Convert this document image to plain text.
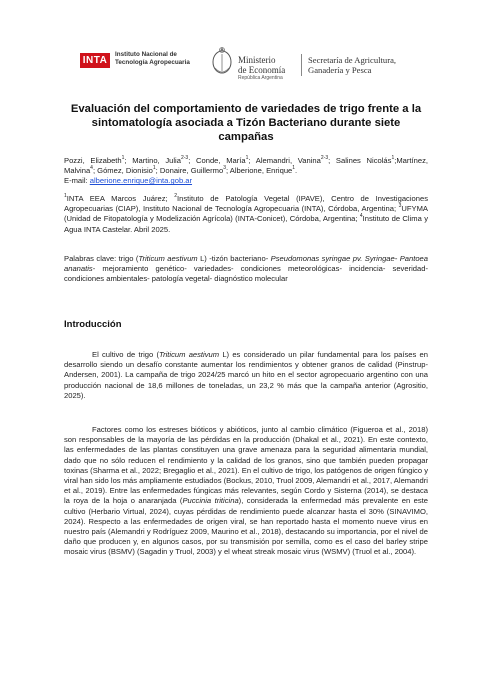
INTA
Instituto Nacional de
Tecnología Agropecuaria	Ministerio
de Economía
República Argentina
Secretaría de Agricultura,
Ganadería y Pesca
Evaluación del comportamiento de variedades de trigo frente a la sintomatología asociada a Tizón Bacteriano durante siete campañas
Pozzi, Elizabeth$^1$; Martino, Julia$^{2-3}$; Conde, María$^1$; Alemandri, Vanina$^{2-3}$; Salines Nicolás$^1$;Martínez, Malvina$^4$; Gómez, Dionisio$^1$; Donaire, Guillermo$^3$; Alberione, Enrique$^1$.
E-mail: alberione.enrique@inta.gob.ar
$^1$INTA EEA Marcos Juárez; $^2$Instituto de Patología Vegetal (IPAVE), Centro de Investigaciones Agropecuarias (CIAP), Instituto Nacional de Tecnología Agropecuaria (INTA), Córdoba, Argentina; $^3$UFYMA (Unidad de Fitopatología y Modelización Agrícola) (INTA-Conicet), Córdoba, Argentina; $^4$Instituto de Clima y Agua INTA Castelar. Abril 2025.
Palabras clave: trigo (Triticum aestivum L) -tizón bacteriano- Pseudomonas syringae pv. Syringae- Pantoea ananatis- mejoramiento genético- variedades- condiciones meteorológicas- incidencia- severidad- condiciones ambientales- patología vegetal- diagnóstico molecular
Introducción

El cultivo de trigo (Triticum aestivum L) es considerado un pilar fundamental para los países en desarrollo siendo un desafío constante aumentar los rendimientos y obtener granos de calidad (Pinstrup-Andersen, 2001). La campaña de trigo 2024/25 marcó un hito en el sector agropecuario argentino con una producción nacional de 18,6 millones de toneladas, un 23,2 % más que la campaña anterior (Agrositio, 2025).

Factores como los estreses bióticos y abióticos, junto al cambio climático (Figueroa et al., 2018) son responsables de la mayoría de las pérdidas en la producción (Dhakal et al., 2021). En este contexto, las enfermedades de las plantas constituyen una grave amenaza para la seguridad alimentaria mundial, dado que no sólo reducen el rendimiento y la calidad de los granos, sino que también pueden propagar toxinas (Sharma et al., 2022; Bregaglio et al., 2021). En el cultivo de trigo, los patógenos de origen fúngico y viral han sido los más ampliamente estudiados (Bockus, 2010, Truol 2009, Alemandri et al., 2017, Alemandri et al., 2019). Entre las enfermedades fúngicas más relevantes, según Cordo y Sisterna (2014), se destaca la roya de la hoja o anaranjada (Puccinia triticina), considerada la enfermedad más prevalente en este cultivo (Herbario Virtual, 2024), cuyas pérdidas de rendimiento puede alcanzar hasta el 30% (SINAVIMO, 2024). Respecto a las enfermedades de origen viral, se han reportado hasta el momento nueve virus en nuestro país (Alemandri y Rodríguez 2009, Maurino et al., 2018), destacando su importancia, por el nivel de daño que producen y, en algunos casos, por su transmisión por semilla, como es el caso del barley stripe mosaic virus (BSMV) (Sagadin y Truol, 2003) y el wheat streak mosaic virus (WSMV) (Truol et al., 2004).
